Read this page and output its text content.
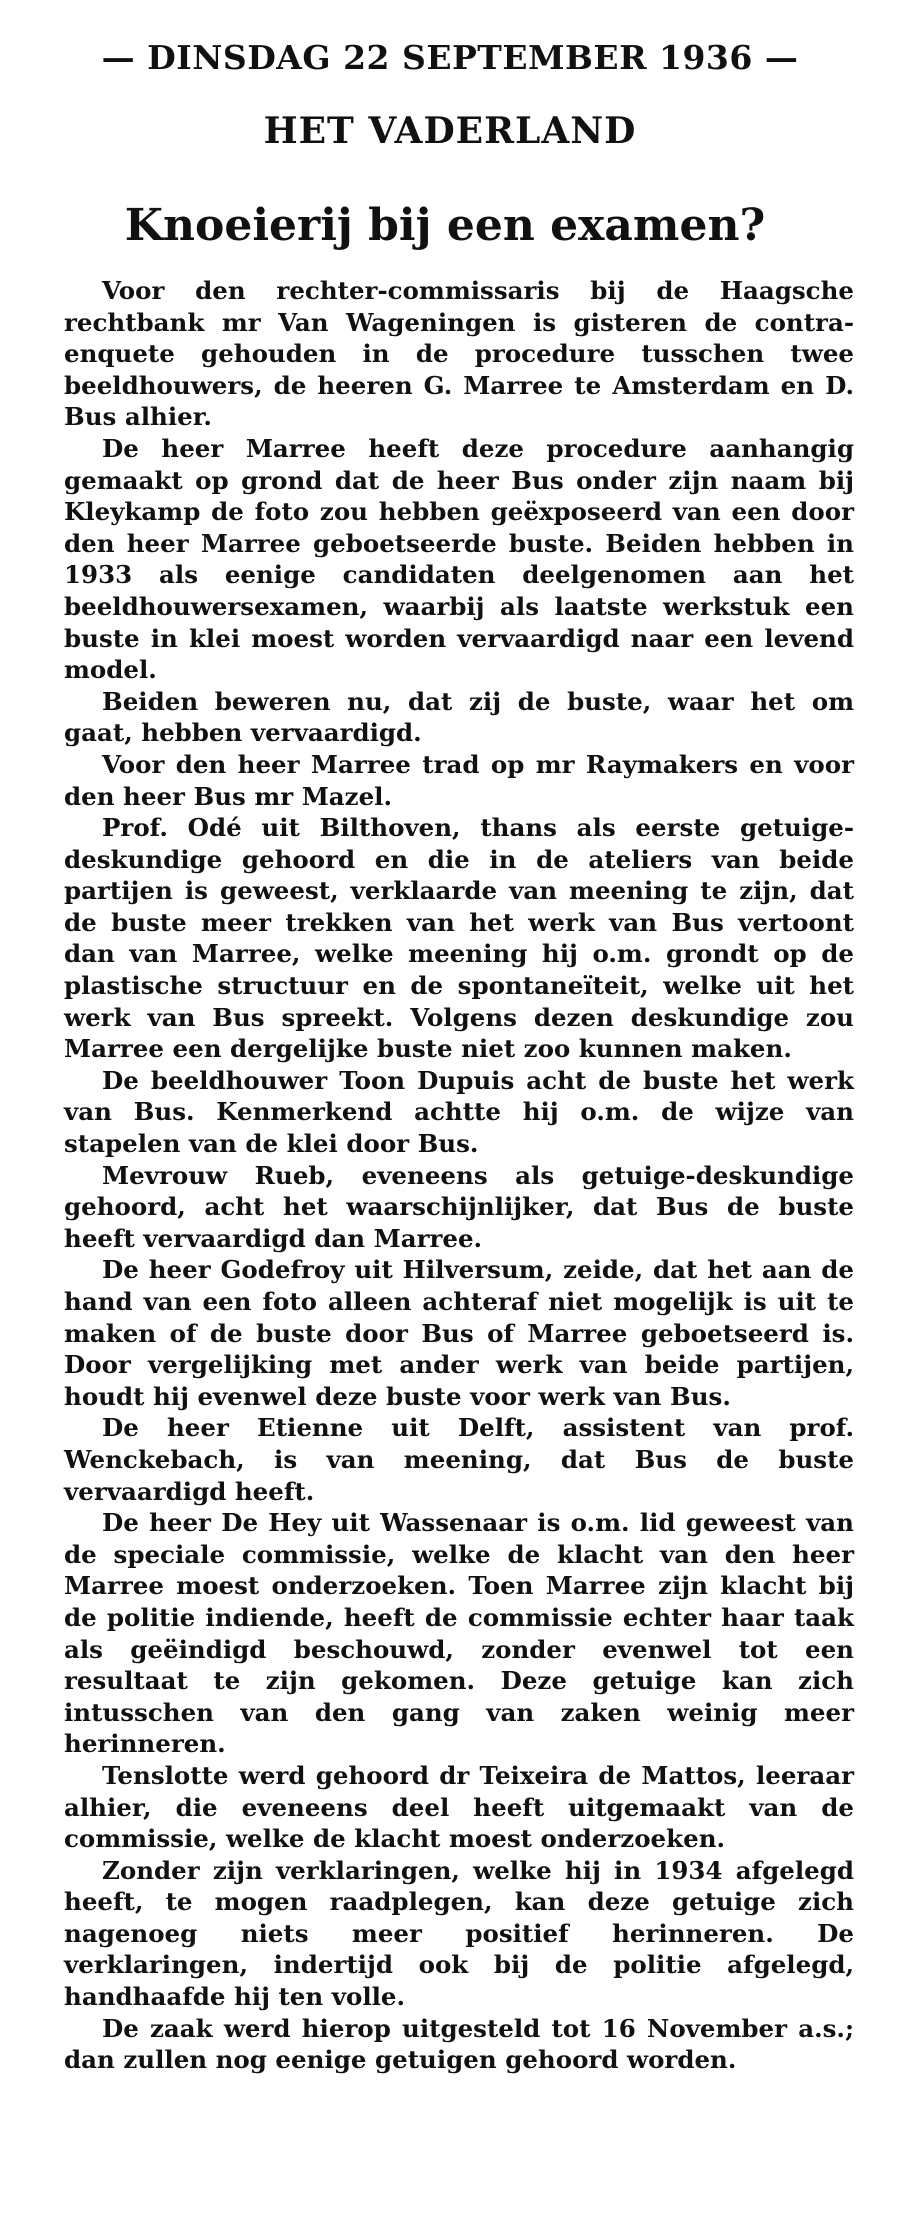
— DINSDAG 22 SEPTEMBER 1936 —
HET VADERLAND
Knoeierij bij een examen?

Voor den rechter-commissaris bij de Haagsche rechtbank mr Van Wageningen is gisteren de contra-enquete gehouden in de procedure tusschen twee beeldhouwers, de heeren G. Marree te Amsterdam en D. Bus alhier.

De heer Marree heeft deze procedure aanhangig gemaakt op grond dat de heer Bus onder zijn naam bij Kleykamp de foto zou hebben geëxposeerd van een door den heer Marree geboetseerde buste. Beiden hebben in 1933 als eenige candidaten deelgenomen aan het beeldhouwersexamen, waarbij als laatste werkstuk een buste in klei moest worden vervaardigd naar een levend model.

Beiden beweren nu, dat zij de buste, waar het om gaat, hebben vervaardigd.

Voor den heer Marree trad op mr Raymakers en voor den heer Bus mr Mazel.

Prof. Odé uit Bilthoven, thans als eerste getuige-deskundige gehoord en die in de ateliers van beide partijen is geweest, verklaarde van meening te zijn, dat de buste meer trekken van het werk van Bus vertoont dan van Marree, welke meening hij o.m. grondt op de plastische structuur en de spontaneïteit, welke uit het werk van Bus spreekt. Volgens dezen deskundige zou Marree een dergelijke buste niet zoo kunnen maken.

De beeldhouwer Toon Dupuis acht de buste het werk van Bus. Kenmerkend achtte hij o.m. de wijze van stapelen van de klei door Bus.

Mevrouw Rueb, eveneens als getuige-deskundige gehoord, acht het waarschijnlijker, dat Bus de buste heeft vervaardigd dan Marree.

De heer Godefroy uit Hilversum, zeide, dat het aan de hand van een foto alleen achteraf niet mogelijk is uit te maken of de buste door Bus of Marree geboetseerd is. Door vergelijking met ander werk van beide partijen, houdt hij evenwel deze buste voor werk van Bus.

De heer Etienne uit Delft, assistent van prof. Wenckebach, is van meening, dat Bus de buste vervaardigd heeft.

De heer De Hey uit Wassenaar is o.m. lid geweest van de speciale commissie, welke de klacht van den heer Marree moest onderzoeken. Toen Marree zijn klacht bij de politie indiende, heeft de commissie echter haar taak als geëindigd beschouwd, zonder evenwel tot een resultaat te zijn gekomen. Deze getuige kan zich intusschen van den gang van zaken weinig meer herinneren.

Tenslotte werd gehoord dr Teixeira de Mattos, leeraar alhier, die eveneens deel heeft uitgemaakt van de commissie, welke de klacht moest onderzoeken.

Zonder zijn verklaringen, welke hij in 1934 afgelegd heeft, te mogen raadplegen, kan deze getuige zich nagenoeg niets meer positief herinneren. De verklaringen, indertijd ook bij de politie afgelegd, handhaafde hij ten volle.

De zaak werd hierop uitgesteld tot 16 November a.s.; dan zullen nog eenige getuigen gehoord worden.
